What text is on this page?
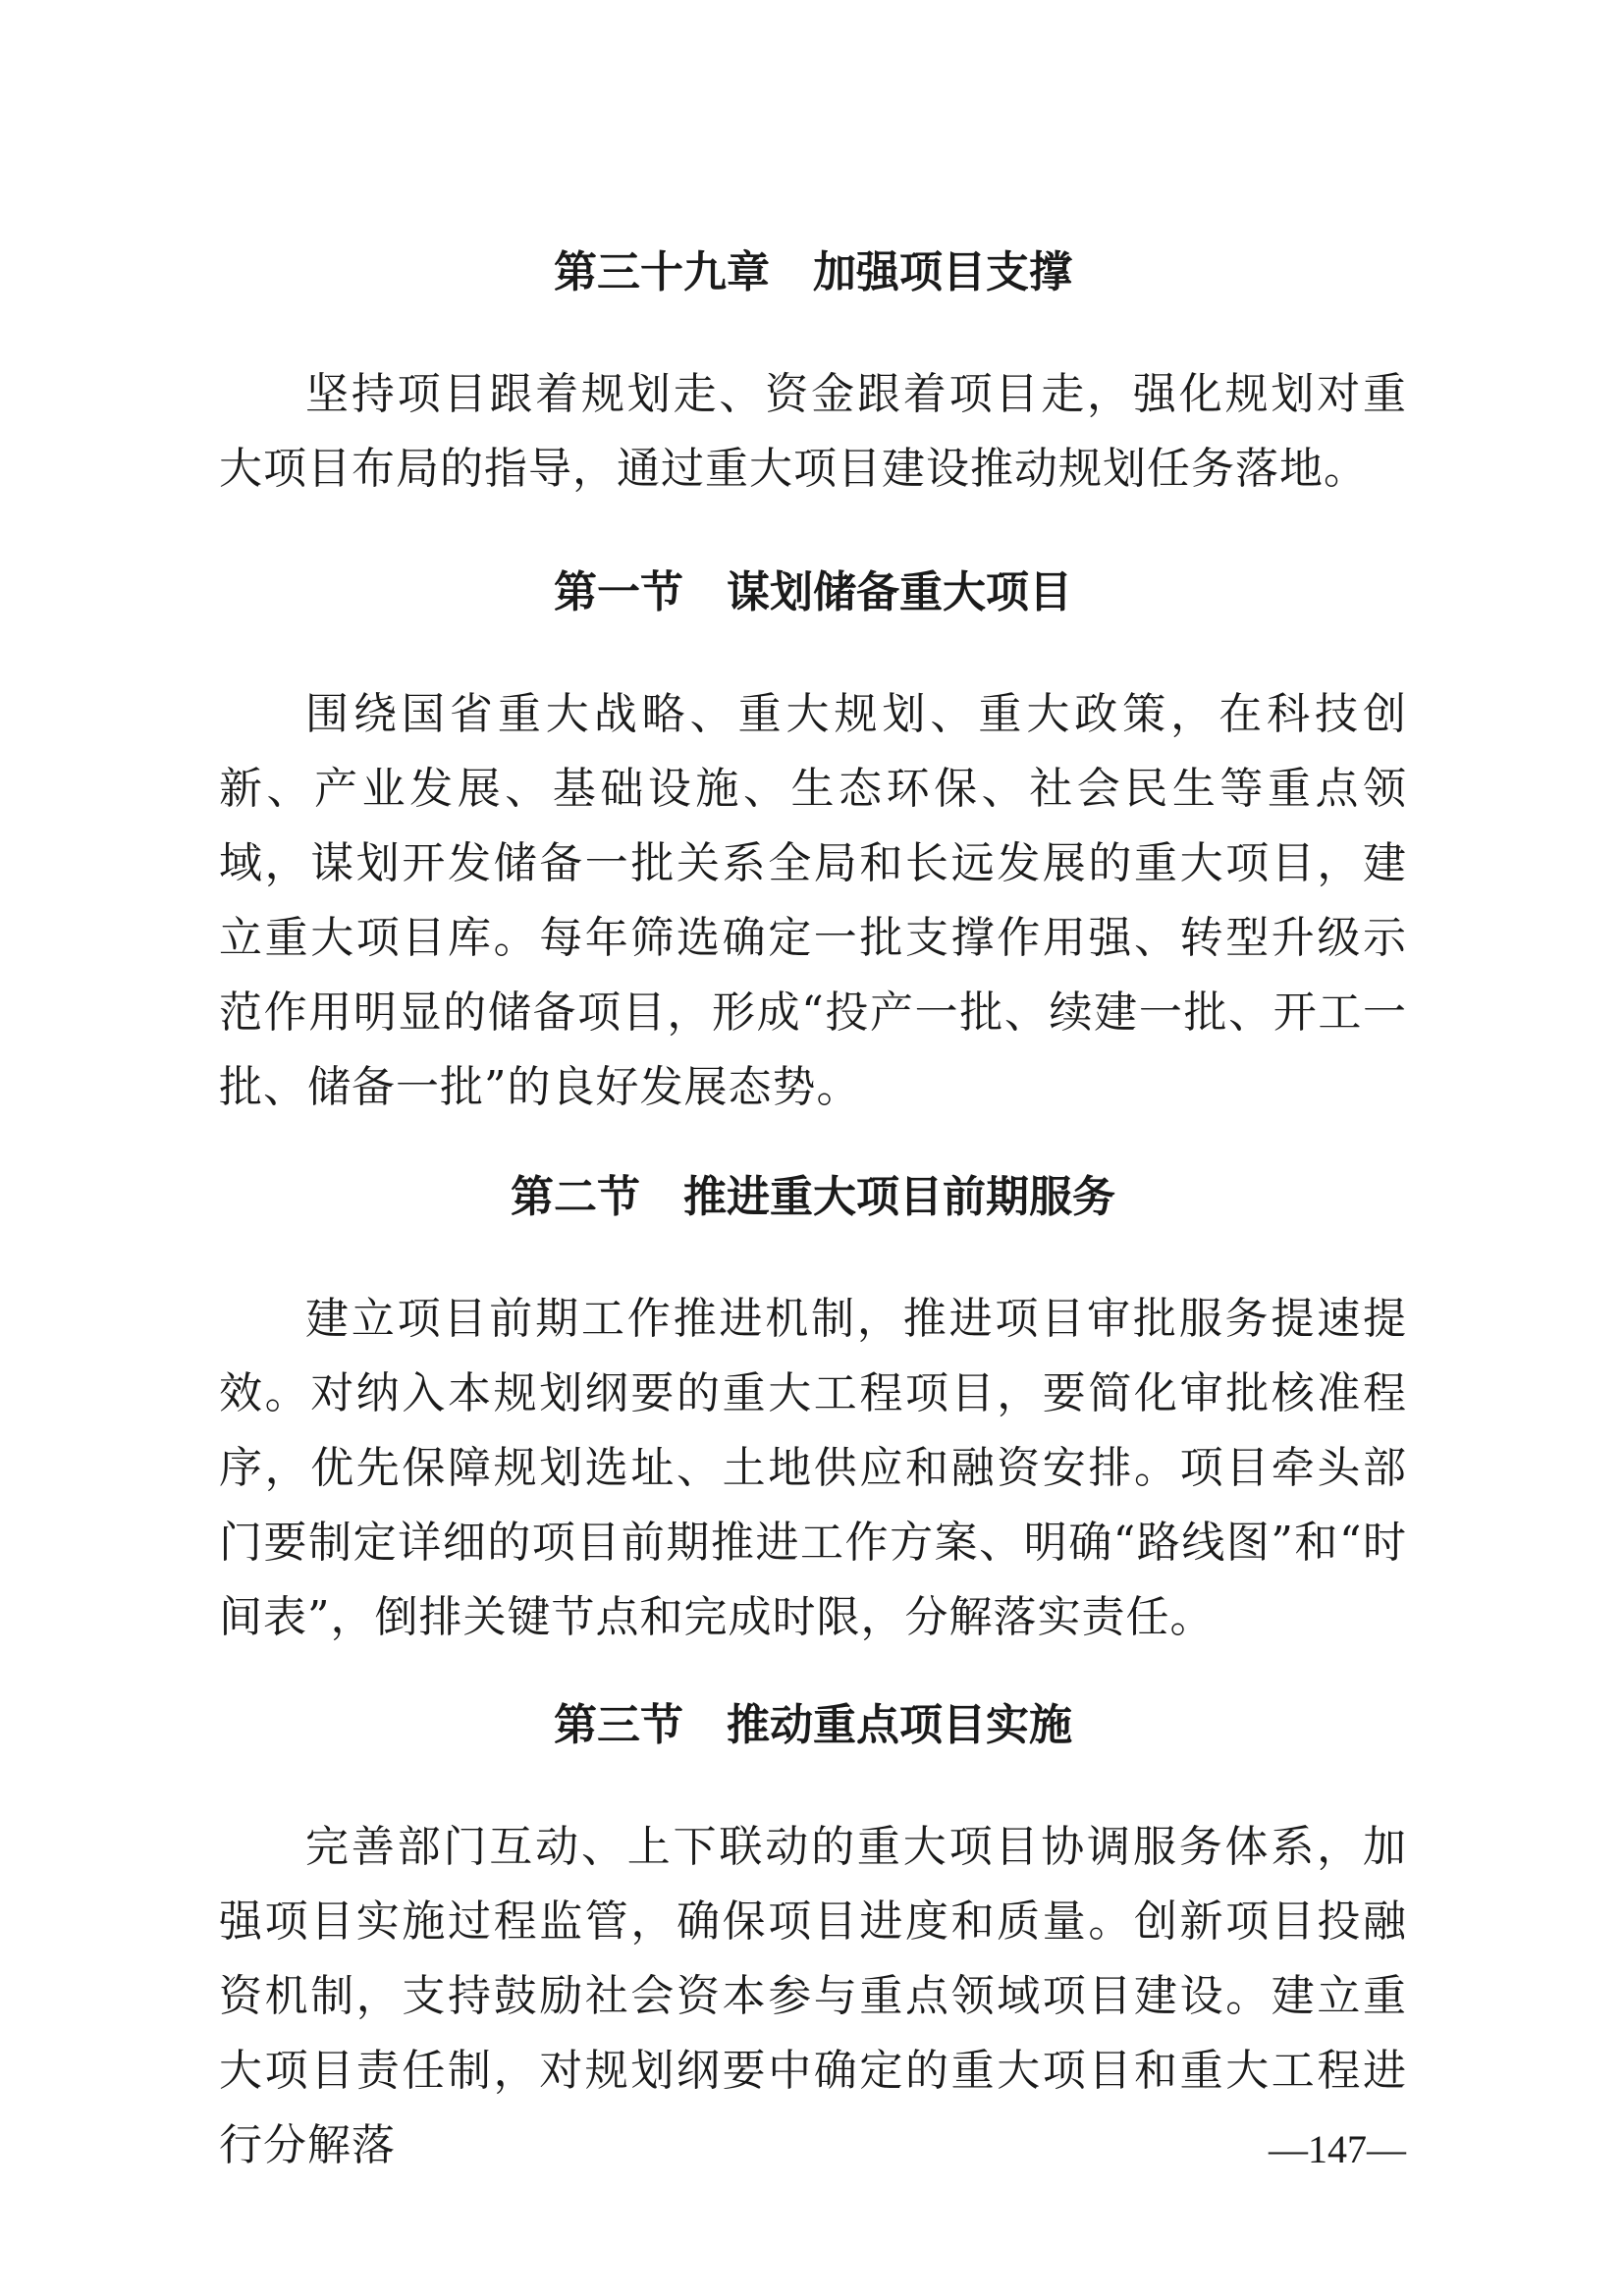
第三十九章　加强项目支撑

坚持项目跟着规划走、资金跟着项目走，强化规划对重大项目布局的指导，通过重大项目建设推动规划任务落地。

第一节　谋划储备重大项目

围绕国省重大战略、重大规划、重大政策，在科技创新、产业发展、基础设施、生态环保、社会民生等重点领域，谋划开发储备一批关系全局和长远发展的重大项目，建立重大项目库。每年筛选确定一批支撑作用强、转型升级示范作用明显的储备项目，形成“投产一批、续建一批、开工一批、储备一批”的良好发展态势。

第二节　推进重大项目前期服务

建立项目前期工作推进机制，推进项目审批服务提速提效。对纳入本规划纲要的重大工程项目，要简化审批核准程序，优先保障规划选址、土地供应和融资安排。项目牵头部门要制定详细的项目前期推进工作方案、明确“路线图”和“时间表”，倒排关键节点和完成时限，分解落实责任。

第三节　推动重点项目实施

完善部门互动、上下联动的重大项目协调服务体系，加强项目实施过程监管，确保项目进度和质量。创新项目投融资机制，支持鼓励社会资本参与重点领域项目建设。建立重大项目责任制，对规划纲要中确定的重大项目和重大工程进行分解落	—147—
